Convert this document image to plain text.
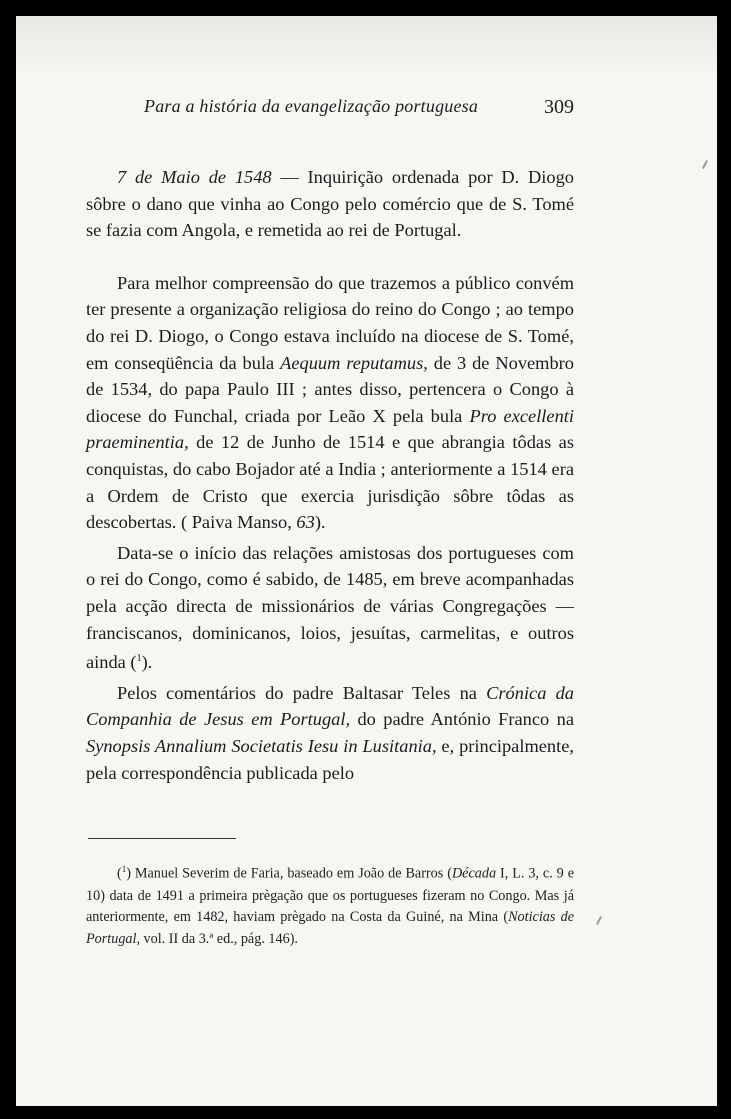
Para a história da evangelização portuguesa	309

7 de Maio de 1548 — Inquirição ordenada por D. Diogo sôbre o dano que vinha ao Congo pelo comércio que de S. Tomé se fazia com Angola, e remetida ao rei de Portugal.

Para melhor compreensão do que trazemos a público convém ter presente a organização religiosa do reino do Congo ; ao tempo do rei D. Diogo, o Congo estava incluído na diocese de S. Tomé, em conseqüência da bula Aequum reputamus, de 3 de Novembro de 1534, do papa Paulo III ; antes disso, pertencera o Congo à diocese do Funchal, criada por Leão X pela bula Pro excellenti praeminentia, de 12 de Junho de 1514 e que abrangia tôdas as conquistas, do cabo Bojador até a India ; anteriormente a 1514 era a Ordem de Cristo que exercia jurisdição sôbre tôdas as descobertas. ( Paiva Manso, 63).

Data-se o início das relações amistosas dos portugueses com o rei do Congo, como é sabido, de 1485, em breve acompanhadas pela acção directa de missionários de várias Congregações — franciscanos, dominicanos, loios, jesuítas, carmelitas, e outros ainda ($^1$).

Pelos comentários do padre Baltasar Teles na Crónica da Companhia de Jesus em Portugal, do padre António Franco na Synopsis Annalium Societatis Iesu in Lusitania, e, principalmente, pela correspondência publicada pelo

($^1$) Manuel Severim de Faria, baseado em João de Barros (Década I, L. 3, c. 9 e 10) data de 1491 a primeira prègação que os portugueses fizeram no Congo. Mas já anteriormente, em 1482, haviam prègado na Costa da Guiné, na Mina (Noticias de Portugal, vol. II da 3.ª ed., pág. 146).
